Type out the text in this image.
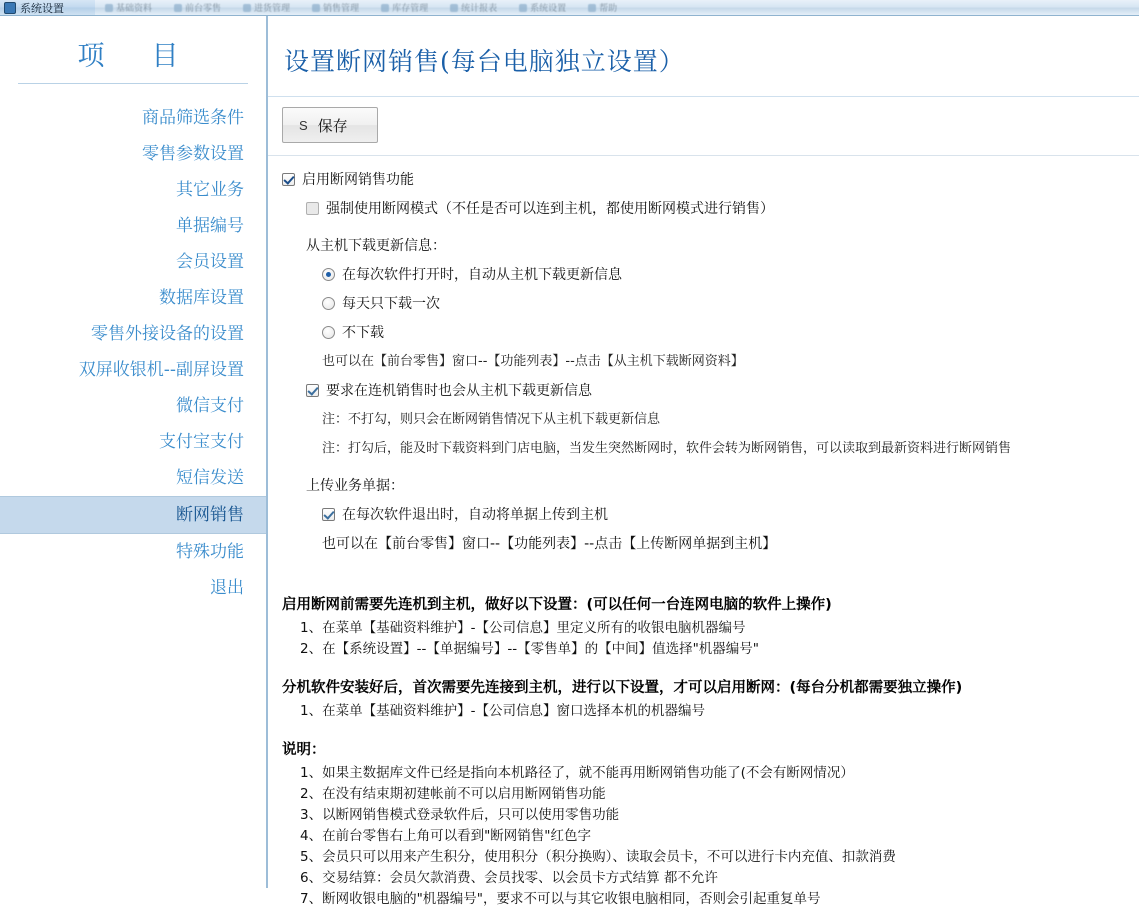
系统设置	基础资料	前台零售	进货管理	销售管理	库存管理	统计报表	系统设置	帮助
项　目
商品筛选条件
零售参数设置
其它业务
单据编号
会员设置
数据库设置
零售外接设备的设置
双屏收银机--副屏设置
微信支付
支付宝支付
短信发送
断网销售
特殊功能
退出
设置断网销售(每台电脑独立设置）
S 保存
启用断网销售功能
强制使用断网模式（不任是否可以连到主机，都使用断网模式进行销售）
从主机下载更新信息：
在每次软件打开时，自动从主机下载更新信息
每天只下载一次
不下载
也可以在【前台零售】窗口--【功能列表】--点击【从主机下载断网资料】
要求在连机销售时也会从主机下载更新信息
注：不打勾，则只会在断网销售情况下从主机下载更新信息
注：打勾后，能及时下载资料到门店电脑，当发生突然断网时，软件会转为断网销售，可以读取到最新资料进行断网销售
上传业务单据：
在每次软件退出时，自动将单据上传到主机
也可以在【前台零售】窗口--【功能列表】--点击【上传断网单据到主机】
启用断网前需要先连机到主机，做好以下设置：(可以任何一台连网电脑的软件上操作)
1、在菜单【基础资料维护】-【公司信息】里定义所有的收银电脑机器编号
2、在【系统设置】--【单据编号】--【零售单】的【中间】值选择"机器编号"
分机软件安装好后，首次需要先连接到主机，进行以下设置，才可以启用断网：(每台分机都需要独立操作)
1、在菜单【基础资料维护】-【公司信息】窗口选择本机的机器编号
说明：
1、如果主数据库文件已经是指向本机路径了，就不能再用断网销售功能了(不会有断网情况）
2、在没有结束期初建帐前不可以启用断网销售功能
3、以断网销售模式登录软件后，只可以使用零售功能
4、在前台零售右上角可以看到"断网销售"红色字
5、会员只可以用来产生积分，使用积分（积分换购）、读取会员卡，不可以进行卡内充值、扣款消费
6、交易结算：会员欠款消费、会员找零、以会员卡方式结算 都不允许
7、断网收银电脑的"机器编号"，要求不可以与其它收银电脑相同，否则会引起重复单号
